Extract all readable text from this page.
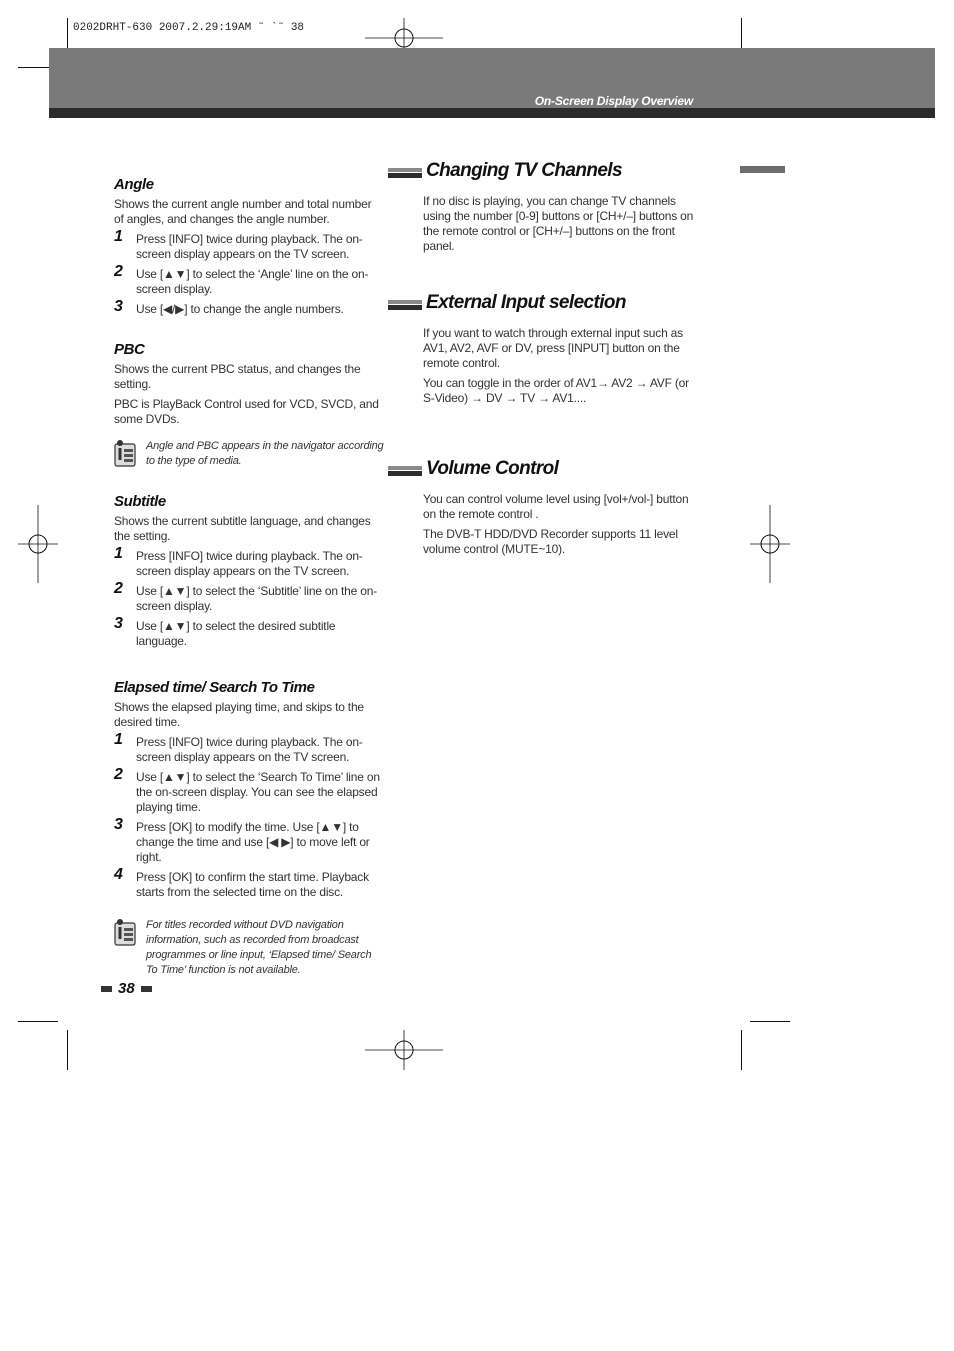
0202DRHT-630 2007.2.29:19AM ˜ `˜ 38
On-Screen Display Overview
Angle

Shows the current angle number and total number of angles, and changes the angle number.

1 Press [INFO] twice during playback. The on-screen display appears on the TV screen.
2 Use [▲▼] to select the ‘Angle’ line on the on-screen display.
3 Use [◀/▶] to change the angle numbers.
PBC

Shows the current PBC status, and changes the setting.

PBC is PlayBack Control used for VCD, SVCD, and some DVDs.

Angle and PBC appears in the navigator according to the type of media.
Subtitle

Shows the current subtitle language, and changes the setting.

1 Press [INFO] twice during playback. The on-screen display appears on the TV screen.
2 Use [▲▼] to select the ‘Subtitle’ line on the on-screen display.
3 Use [▲▼] to select the desired subtitle language.
Elapsed time/ Search To Time

Shows the elapsed playing time, and skips to the desired time.

1 Press [INFO] twice during playback. The on-screen display appears on the TV screen.
2 Use [▲▼] to select the ‘Search To Time’ line on the on-screen display. You can see the elapsed playing time.
3 Press [OK] to modify the time. Use [▲▼] to change the time and use [◀ ▶] to move left or right.
4 Press [OK] to confirm the start time. Playback starts from the selected time on the disc.
For titles recorded without DVD navigation information, such as recorded from broadcast programmes or line input, ‘Elapsed time/ Search To Time’ function is not available.
Changing TV Channels

If no disc is playing, you can change TV channels using the number [0-9] buttons or [CH+/–] buttons on the remote control or [CH+/–] buttons on the front panel.

External Input selection

If you want to watch through external input such as AV1, AV2, AVF or DV, press [INPUT] button on the remote control.

You can toggle in the order of AV1→ AV2 → AVF (or S-Video) → DV → TV → AV1....

Volume Control

You can control volume level using [vol+/vol-] button on the remote control .

The DVB-T HDD/DVD Recorder supports 11 level volume control (MUTE~10).

38
